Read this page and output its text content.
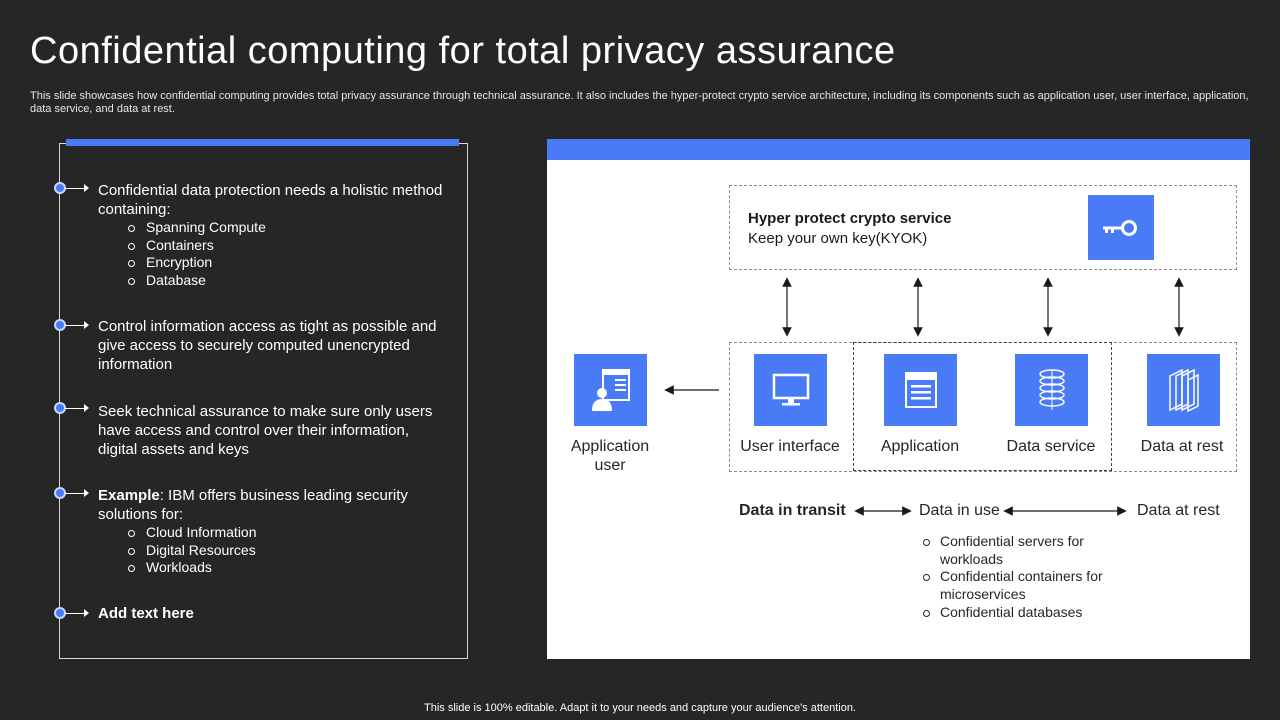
Confidential computing for total privacy assurance

This slide showcases how confidential computing provides total privacy assurance through technical assurance. It also includes the hyper-protect crypto service architecture, including its components such as application user, user interface, application, data service, and data at rest.

Confidential data protection needs a holistic method containing:
Spanning Compute
Containers
Encryption
Database
Control information access as tight as possible and give access to securely computed unencrypted information
Seek technical assurance to make sure only users have access and control over their information, digital assets and keys
Example: IBM offers business leading security solutions for:
Cloud Information
Digital Resources
Workloads
Add text here
Hyper protect crypto service
Keep your own key(KYOK)
Application user
User interface	Application	Data service	Data at rest
Data in transit	Data in use	Data at rest
Confidential servers for workloads
Confidential containers for microservices
Confidential databases
This slide is 100% editable. Adapt it to your needs and capture your audience's attention.
